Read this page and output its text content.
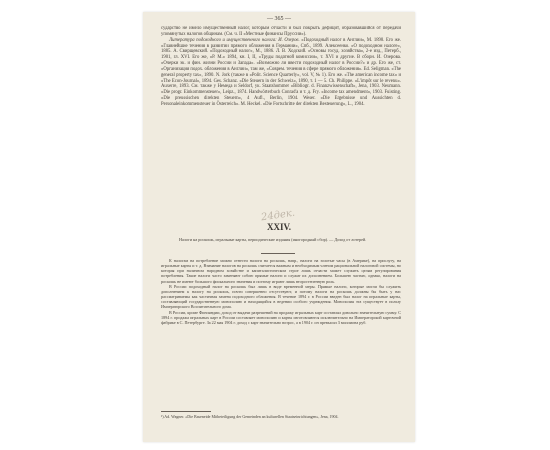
— 365 —

сударство не имело имущественный налог, которым отчасти и был покрыть дефицит, образовавшийся от передачи упомянутых налогов общинам. (См. ч. II «Местные финансы Пруссии»).

Литература подоходного и имущественного налога: И. Озеров. «Подоходный налог в Англии», М. 1898. Его же. «Главнейшие течения в развитии прямого обложения в Германии», Спб., 1899. Алексеенко. «О подоходном налоге», 1885. А. Свирщевский. «Подоходный налог», М., 1886. Л. В. Ходский. «Основы госуд. хозяйства», 2-е изд., Петерб., 1901, гл. XVI. Его же, «Р. М.» 1894, кн. I, II, «Труды податной комиссии», т. XVI и другие. В сборн. И. Озерова. «Очерки эк. и фин. жизни России и Запада». «Возможно ли ввести подоходный налог в России?» и др. Его же, ст. «Организация подох. обложения в Англии», там же, «Соврем. течения в сфере прямого обложения». Ed. Seligman. «The general property tax», 1890. N. Jork (также в «Polit. Science Quarterly», vol. V, № 1). Его же. «The american income tax» и «The Econ-Journal», 1894. Ges. Schanz. «Die Steuern in der Schweiz», 1890, т. 1 — 5. Ch. Philippe. «L'impôt sur le revenu». Auxerre, 1893. См. также у Hемеда и Seldorf, ук. Staatshommer «Bibliogr. d. Finanzwissenschaft», Jena, 1903. Neumann. «Die progr. Einkommensteuer», Leipz., 1874. Handwörterbuch Conrad'a и т. д. Fry. «Income tax amendment», 1903. Fuisting. «Die preussischen direkten Steuern», 4 Aufl., Berlin, 1904. Weser. «Die Ergebnisse und Aussichten d. Personaleinkommensteuer in Österreich». M. Heckel. «Die Fortschritte der direkten Besteuerung», L., 1904.

24дек.
XXIV.
Налоги на роскошь, игральные карты, периодические издания (иногородный сбор). — Доход от лотерей.

К налогам на потребление можно отнести налоги на роскошь, напр., налоги на золотые часы (в Америке), на прислугу, на игральные карты и т. д. Взимание налогов на роскошь считается важным и необходимым членом рациональной налоговой системы, но которая при наличном народном хозяйстве и капиталистическом строе лишь отчасти может служить целям регулирования потребления. Такие налоги часто заменяют собою прямые налоги и служат их дополнением. Большею частью, однако, налоги на роскошь не имеют большого фискального значения и поэтому играют лишь второстепенную роль.

В России подоходный налог на роскошь был лишь в виде временной меры. Прямые налоги, которые могли бы служить дополнением к налогу на роскошь, почти совершенно отсутствуют, и потому налоги на роскошь должны бы быть у нас рассматриваемы как частичная замена подоходного обложения. В течение 1894 г. в России введен был налог на игральные карты, составляющий государственную монополию и находящийся в ведении особого учреждения. Монополия эта существует в пользу Императорского Воспитательного дома.

В России, кроме Финляндии, доход от выдачи разрешений на продажу игральных карт составлял довольно значительную сумму. С 1894 г. продажа игральных карт в России составляет монополию и карты изготовляются исключительно на Императорской карточной фабрике в С. Петербурге. За 22 мая 1904 г. доход с карт значительно возрос, а в 1904 г. он превысил 3 миллиона руб.

¹) Ad. Wagner. «Die Baseneide Mitbeteiligung der Gemeinden an kulturellen Staatseinrichtungen», Jena, 1904.
